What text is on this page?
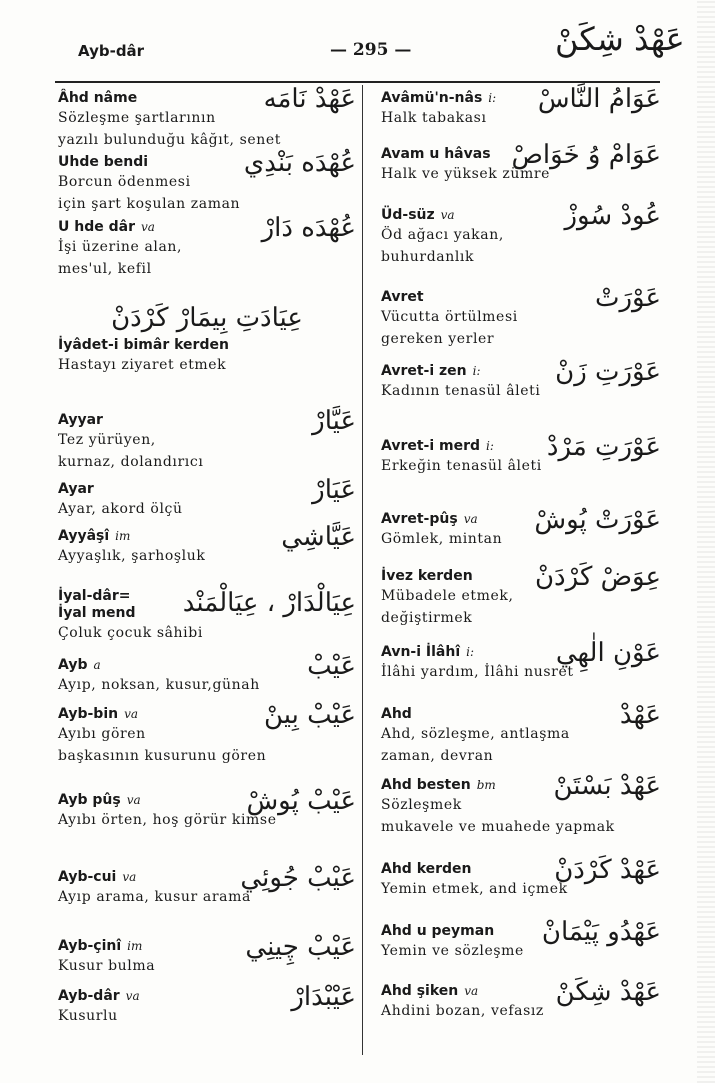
Ayb-dâr	— 295 —	عَهْدْ شِكَنْ
Âhd nâme
Sözleşme şartlarının
yazılı bulunduğu kâğıt, senet
عَهْدْ نَامَه
Uhde bendi
Borcun ödenmesi
için şart koşulan zaman
عُهْدَه بَنْدِي
U hde dâr va
İşi üzerine alan,
mes'ul, kefil
عُهْدَه دَارْ
عِيَادَتِ بِيمَارْ كَرْدَنْ
İyâdet-i bimâr kerden
Hastayı ziyaret etmek
Ayyar
Tez yürüyen,
kurnaz, dolandırıcı
عَيَّارْ
Ayar
Ayar, akord ölçü
عَيَارْ
Ayyâşî im
Ayyaşlık, şarhoşluk
عَيَّاشِي
İyal-dâr=
İyal mend
Çoluk çocuk sâhibi
عِيَالْدَارْ ، عِيَالْمَنْد
Ayb a
Ayıp, noksan, kusur,günah
عَيْبْ
Ayb-bin va
Ayıbı gören
başkasının kusurunu gören
عَيْبْ بِينْ
Ayb pûş va
Ayıbı örten, hoş görür kimse
عَيْبْ پُوشْ
Ayb-cui va
Ayıp arama, kusur arama
عَيْبْ جُوئِي
Ayb-çinî im
Kusur bulma
عَيْبْ چِينِي
Ayb-dâr va
Kusurlu
عَيْبْدَارْ
Avâmü'n-nâs i:
Halk tabakası
عَوَامُ النَّاسْ
Avam u hâvas
Halk ve yüksek zümre
عَوَامْ وُ خَوَاصْ
Üd-süz va
Öd ağacı yakan,
buhurdanlık
عُودْ سُوزْ
Avret
Vücutta örtülmesi
gereken yerler
عَوْرَتْ
Avret-i zen i:
Kadının tenasül âleti
عَوْرَتِ زَنْ
Avret-i merd i:
Erkeğin tenasül âleti
عَوْرَتِ مَرْدْ
Avret-pûş va
Gömlek, mintan
عَوْرَتْ پُوشْ
İvez kerden
Mübadele etmek,
değiştirmek
عِوَضْ كَرْدَنْ
Avn-i İlâhî i:
İlâhi yardım, İlâhi nusret
عَوْنِ الٰهِي
Ahd
Ahd, sözleşme, antlaşma
zaman, devran
عَهْدْ
Ahd besten bm
Sözleşmek
mukavele ve muahede yapmak
عَهْدْ بَسْتَنْ
Ahd kerden
Yemin etmek, and içmek
عَهْدْ كَرْدَنْ
Ahd u peyman
Yemin ve sözleşme
عَهْدُو پَيْمَانْ
Ahd şiken va
Ahdini bozan, vefasız
عَهْدْ شِكَنْ
